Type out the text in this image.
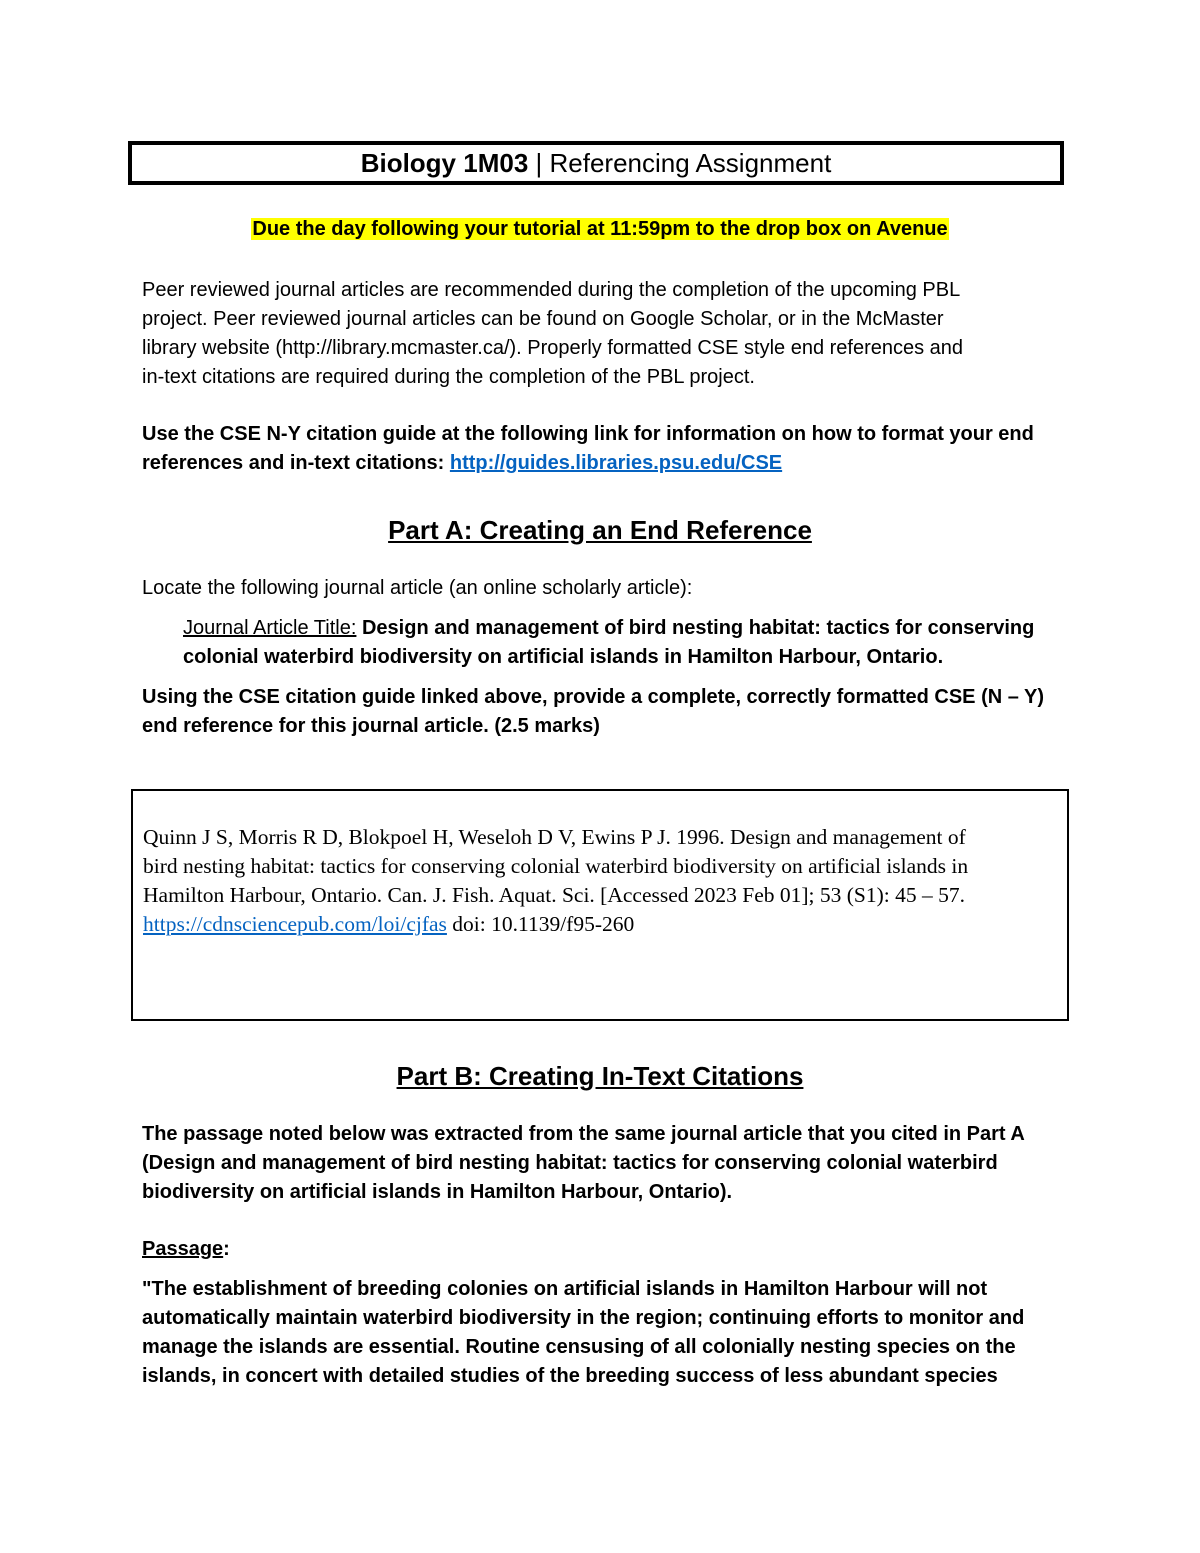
Biology 1M03 | Referencing Assignment
Due the day following your tutorial at 11:59pm to the drop box on Avenue
Peer reviewed journal articles are recommended during the completion of the upcoming PBL
project. Peer reviewed journal articles can be found on Google Scholar, or in the McMaster
library website (http://library.mcmaster.ca/). Properly formatted CSE style end references and
in-text citations are required during the completion of the PBL project.
Use the CSE N-Y citation guide at the following link for information on how to format your end
references and in-text citations: http://guides.libraries.psu.edu/CSE
Part A: Creating an End Reference
Locate the following journal article (an online scholarly article):
Journal Article Title: Design and management of bird nesting habitat: tactics for conserving
colonial waterbird biodiversity on artificial islands in Hamilton Harbour, Ontario.
Using the CSE citation guide linked above, provide a complete, correctly formatted CSE (N – Y)
end reference for this journal article. (2.5 marks)
Quinn J S, Morris R D, Blokpoel H, Weseloh D V, Ewins P J. 1996. Design and management of
bird nesting habitat: tactics for conserving colonial waterbird biodiversity on artificial islands in
Hamilton Harbour, Ontario. Can. J. Fish. Aquat. Sci. [Accessed 2023 Feb 01]; 53 (S1): 45 – 57.
https://cdnsciencepub.com/loi/cjfas doi: 10.1139/f95-260
Part B: Creating In-Text Citations
The passage noted below was extracted from the same journal article that you cited in Part A
(Design and management of bird nesting habitat: tactics for conserving colonial waterbird
biodiversity on artificial islands in Hamilton Harbour, Ontario).
Passage:
"The establishment of breeding colonies on artificial islands in Hamilton Harbour will not
automatically maintain waterbird biodiversity in the region; continuing efforts to monitor and
manage the islands are essential. Routine censusing of all colonially nesting species on the
islands, in concert with detailed studies of the breeding success of less abundant species
